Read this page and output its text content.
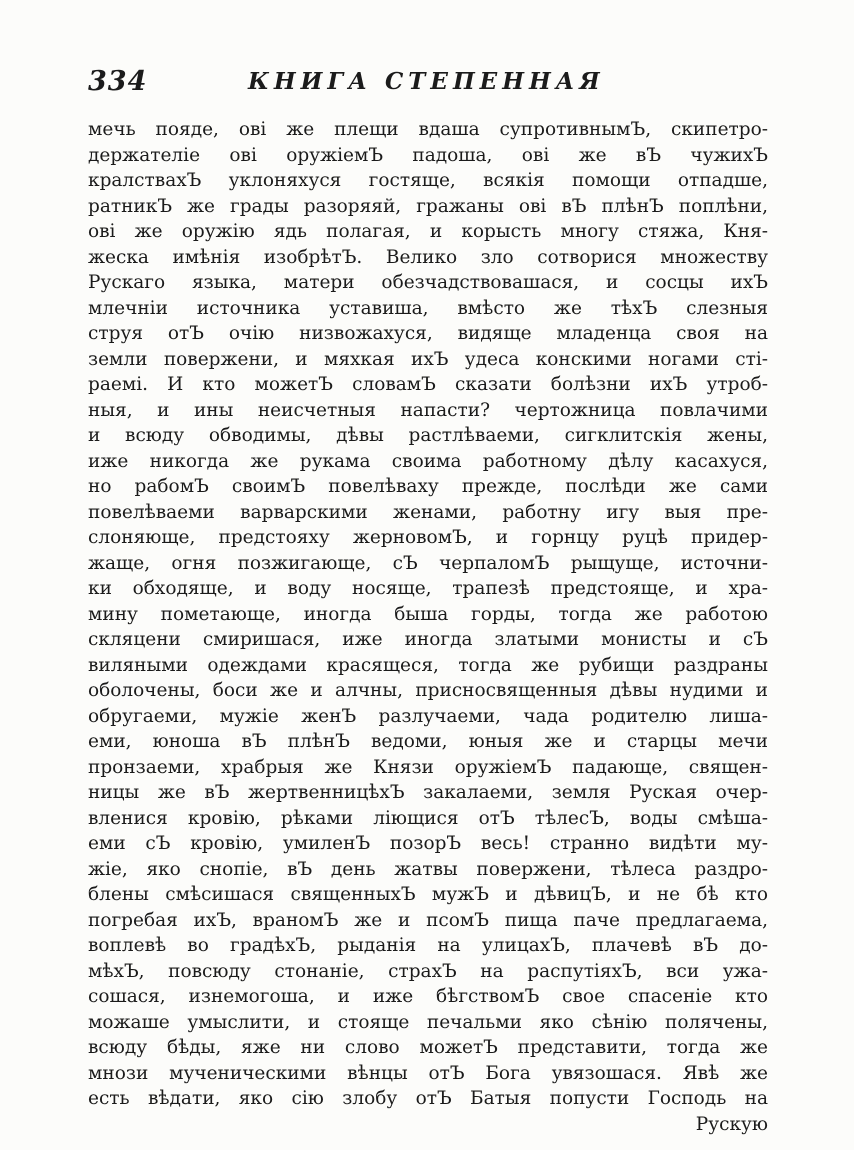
334	КНИГА СТЕПЕННАЯ
мечь пояде, ові же плещи вдаша супротивнымЪ, скипетро-
держателіе ові оружіемЪ падоша, ові же вЪ чужихЪ
кралствахЪ уклоняхуся гостяще, всякія помощи отпадше,
ратникЪ же грады разоряяй, гражаны ові вЪ плѣнЪ поплѣни,
ові же оружію ядь полагая, и корысть многу стяжа, Кня-
жеска имѣнія изобрѣтЪ. Велико зло сотворися множеству
Рускаго языка, матери обезчадствовашася, и сосцы ихЪ
млечніи источника уставиша, вмѣсто же тѣхЪ слезныя
струя отЪ очію низвожахуся, видяще младенца своя на
земли повержени, и мяхкая ихЪ удеса конскими ногами стi-
раемі. И кто можетЪ словамЪ сказати болѣзни ихЪ утроб-
ныя, и ины неисчетныя напасти? чертожница повлачими
и всюду обводимы, дѣвы растлѣваеми, сигклитскія жены,
иже никогда же рукама своима работному дѣлу касахуся,
но рабомЪ своимЪ повелѣваху прежде, послѣди же сами
повелѣваеми варварскими женами, работну игу выя пре-
слоняюще, предстояху жерновомЪ, и горнцу руцѣ придер-
жаще, огня позжигающе, сЪ черпаломЪ рыщуще, источни-
ки обходяще, и воду носяще, трапезѣ предстояще, и хра-
мину пометающе, иногда быша горды, тогда же работою
скляцени смиришася, иже иногда златыми монисты и сЪ
виляными одеждами красящеся, тогда же рубищи раздраны
оболочены, боси же и алчны, присносвященныя дѣвы нудими и
обругаеми, мужіе женЪ разлучаеми, чада родителю лишa-
еми, юноша вЪ плѣнЪ ведоми, юныя же и старцы мечи
пронзаеми, храбрыя же Князи оружіемЪ падающе, священ-
ницы же вЪ жертвенницѣхЪ закалаеми, земля Руская очер-
вленися кровію, рѣками ліющися отЪ тѣлесЪ, воды смѣша-
еми сЪ кровію, умиленЪ позорЪ весь! странно видѣти му-
жіе, яко снопіе, вЪ день жатвы повержени, тѣлеса раздро-
блены смѣсишася священныхЪ мужЪ и дѣвицЪ, и не бѣ кто
погребая ихЪ, враномЪ же и псомЪ пища паче предлагаема,
воплевѣ во градѣхЪ, рыданія на улицахЪ, плачевѣ вЪ до-
мѣхЪ, повсюду стонаніе, страхЪ на распутіяхЪ, вси ужа-
сошася, изнемогоша, и иже бѣгствомЪ свое спасеніе кто
можаше умыслити, и стояще печальми яко сѣнію полячены,
всюду бѣды, яже ни слово можетЪ предстaвити, тогда же
мнози мученическими вѣнцы отЪ Бога увязошася. Явѣ же
есть вѣдати, яко сію злобу отЪ Батыя попусти Господь на
Рускую
